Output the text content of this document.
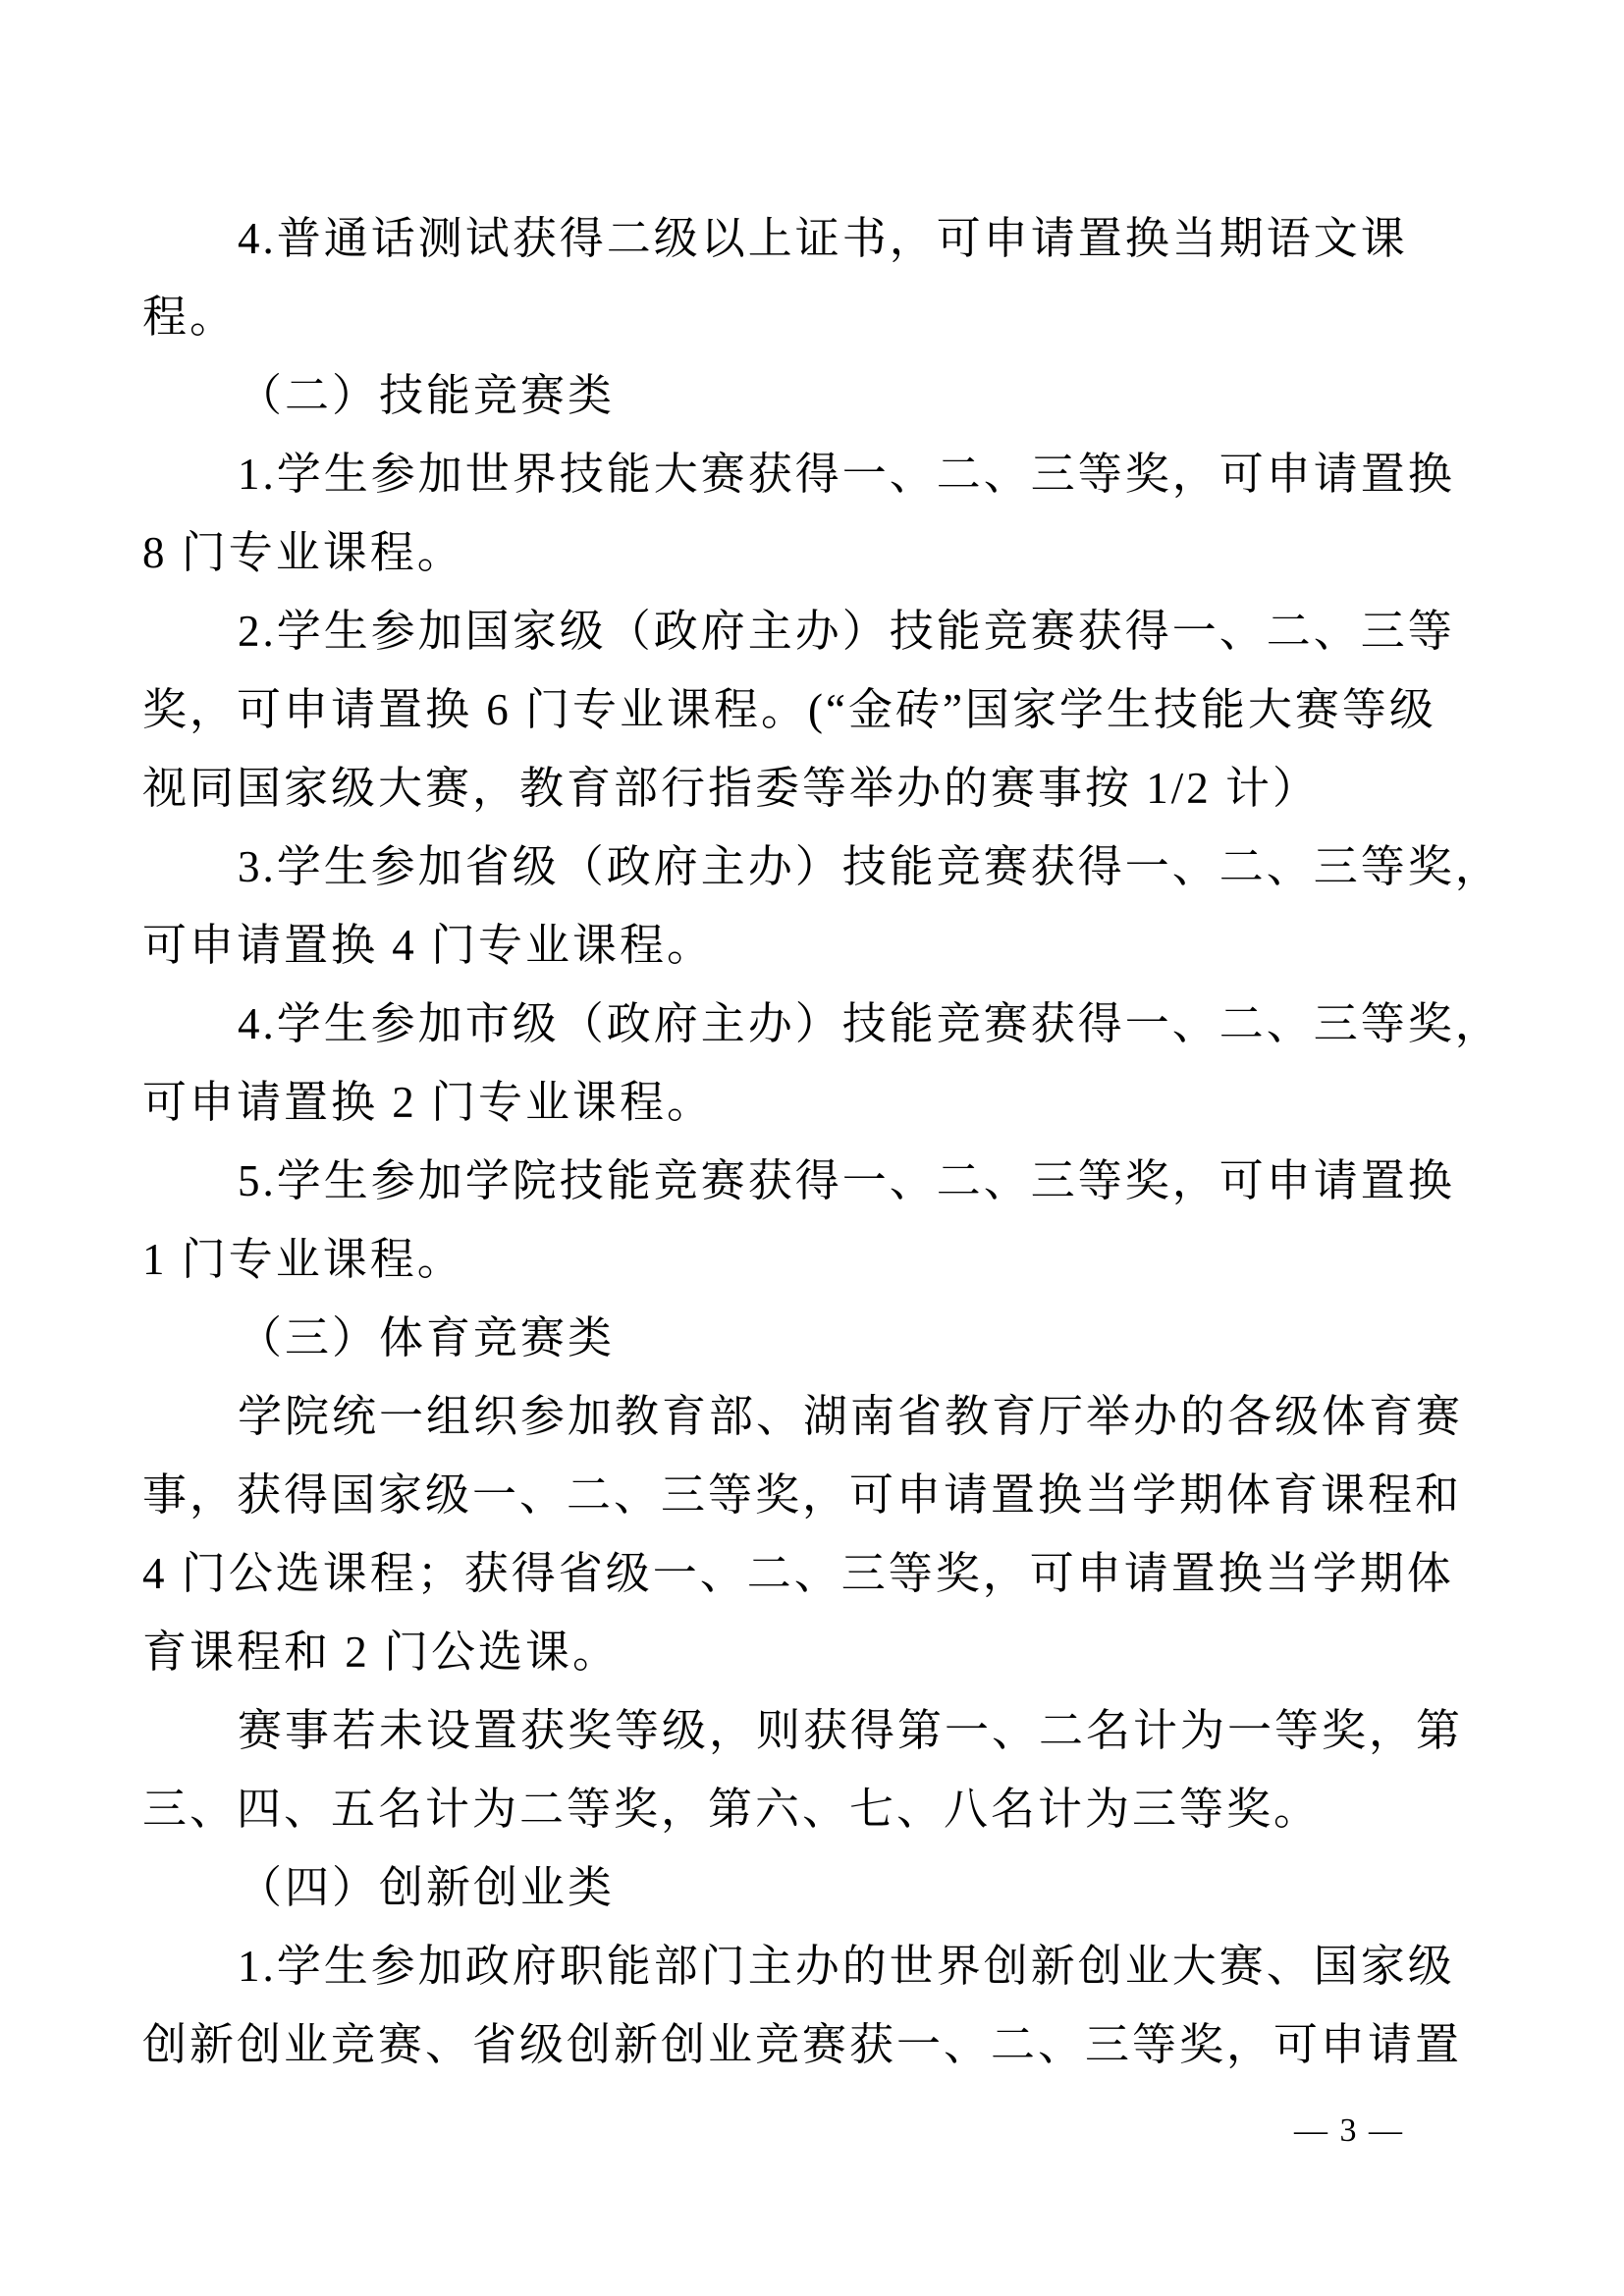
4.普通话测试获得二级以上证书，可申请置换当期语文课
程。
（二）技能竞赛类
1.学生参加世界技能大赛获得一、二、三等奖，可申请置换
8 门专业课程。
2.学生参加国家级（政府主办）技能竞赛获得一、二、三等
奖，可申请置换 6 门专业课程。(“金砖”国家学生技能大赛等级
视同国家级大赛，教育部行指委等举办的赛事按 1/2 计）
3.学生参加省级（政府主办）技能竞赛获得一、二、三等奖，
可申请置换 4 门专业课程。
4.学生参加市级（政府主办）技能竞赛获得一、二、三等奖，
可申请置换 2 门专业课程。
5.学生参加学院技能竞赛获得一、二、三等奖，可申请置换
1 门专业课程。
（三）体育竞赛类
学院统一组织参加教育部、湖南省教育厅举办的各级体育赛
事，获得国家级一、二、三等奖，可申请置换当学期体育课程和
4 门公选课程；获得省级一、二、三等奖，可申请置换当学期体
育课程和 2 门公选课。
赛事若未设置获奖等级，则获得第一、二名计为一等奖，第
三、四、五名计为二等奖，第六、七、八名计为三等奖。
（四）创新创业类
1.学生参加政府职能部门主办的世界创新创业大赛、国家级
创新创业竞赛、省级创新创业竞赛获一、二、三等奖，可申请置
— 3 —
